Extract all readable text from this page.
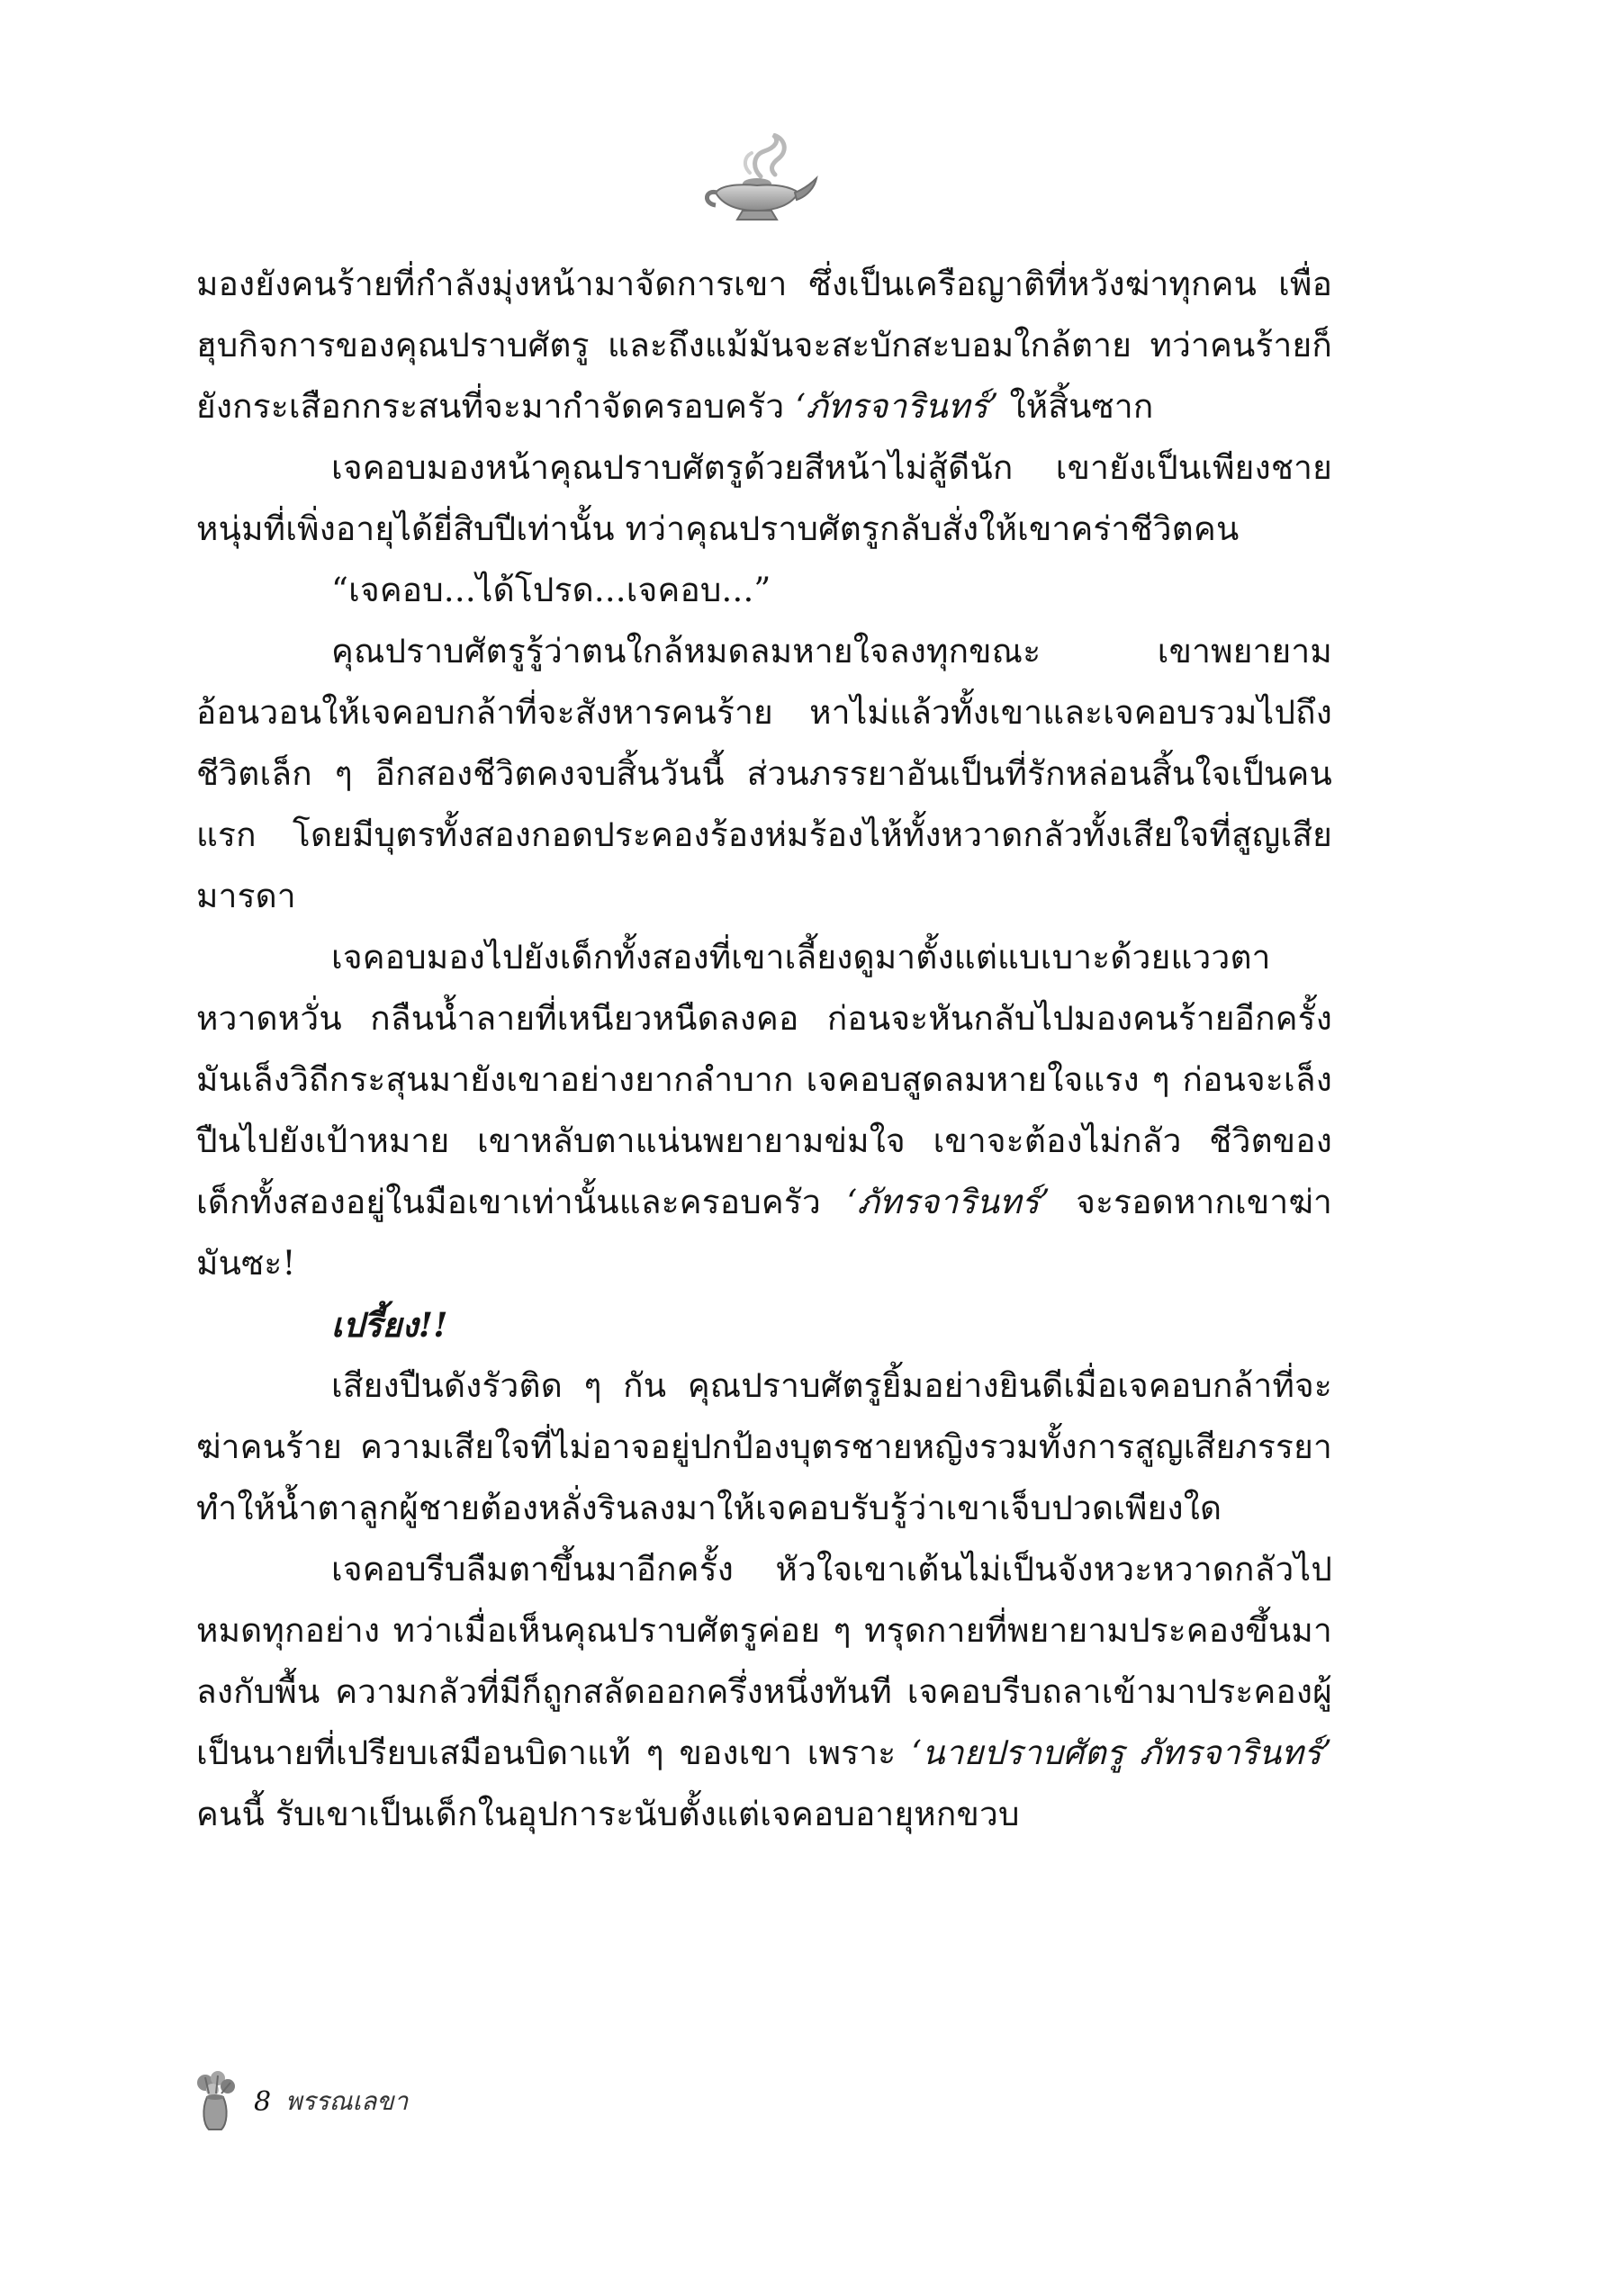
มองยังคนร้ายที่กำลังมุ่งหน้ามาจัดการเขา ซึ่งเป็นเครือญาติที่หวังฆ่าทุกคน เพื่อฮุบกิจการของคุณปราบศัตรู และถึงแม้มันจะสะบักสะบอมใกล้ตาย ทว่าคนร้ายก็ยังกระเสือกกระสนที่จะมากำจัดครอบครัว ‘ภัทรจารินทร์’ ให้สิ้นซาก

เจคอบมองหน้าคุณปราบศัตรูด้วยสีหน้าไม่สู้ดีนัก เขายังเป็นเพียงชายหนุ่มที่เพิ่งอายุได้ยี่สิบปีเท่านั้น ทว่าคุณปราบศัตรูกลับสั่งให้เขาคร่าชีวิตคน

“เจคอบ...ได้โปรด...เจคอบ...”

คุณปราบศัตรูรู้ว่าตนใกล้หมดลมหายใจลงทุกขณะ เขาพยายามอ้อนวอนให้เจคอบกล้าที่จะสังหารคนร้าย หาไม่แล้วทั้งเขาและเจคอบรวมไปถึงชีวิตเล็ก ๆ อีกสองชีวิตคงจบสิ้นวันนี้ ส่วนภรรยาอันเป็นที่รักหล่อนสิ้นใจเป็นคนแรก โดยมีบุตรทั้งสองกอดประคองร้องห่มร้องไห้ทั้งหวาดกลัวทั้งเสียใจที่สูญเสียมารดา

เจคอบมองไปยังเด็กทั้งสองที่เขาเลี้ยงดูมาตั้งแต่แบเบาะด้วยแววตาหวาดหวั่น กลืนน้ำลายที่เหนียวหนืดลงคอ ก่อนจะหันกลับไปมองคนร้ายอีกครั้ง มันเล็งวิถีกระสุนมายังเขาอย่างยากลำบาก เจคอบสูดลมหายใจแรง ๆ ก่อนจะเล็งปืนไปยังเป้าหมาย เขาหลับตาแน่นพยายามข่มใจ เขาจะต้องไม่กลัว ชีวิตของเด็กทั้งสองอยู่ในมือเขาเท่านั้นและครอบครัว ‘ภัทรจารินทร์’ จะรอดหากเขาฆ่ามันซะ!

เปรี้ยง!!

เสียงปืนดังรัวติด ๆ กัน คุณปราบศัตรูยิ้มอย่างยินดีเมื่อเจคอบกล้าที่จะฆ่าคนร้าย ความเสียใจที่ไม่อาจอยู่ปกป้องบุตรชายหญิงรวมทั้งการสูญเสียภรรยา ทำให้น้ำตาลูกผู้ชายต้องหลั่งรินลงมาให้เจคอบรับรู้ว่าเขาเจ็บปวดเพียงใด

เจคอบรีบลืมตาขึ้นมาอีกครั้ง หัวใจเขาเต้นไม่เป็นจังหวะหวาดกลัวไปหมดทุกอย่าง ทว่าเมื่อเห็นคุณปราบศัตรูค่อย ๆ ทรุดกายที่พยายามประคองขึ้นมาลงกับพื้น ความกลัวที่มีก็ถูกสลัดออกครึ่งหนึ่งทันที เจคอบรีบถลาเข้ามาประคองผู้เป็นนายที่เปรียบเสมือนบิดาแท้ ๆ ของเขา เพราะ ‘นายปราบศัตรู ภัทรจารินทร์’ คนนี้ รับเขาเป็นเด็กในอุปการะนับตั้งแต่เจคอบอายุหกขวบ

8 พรรณเลขา
